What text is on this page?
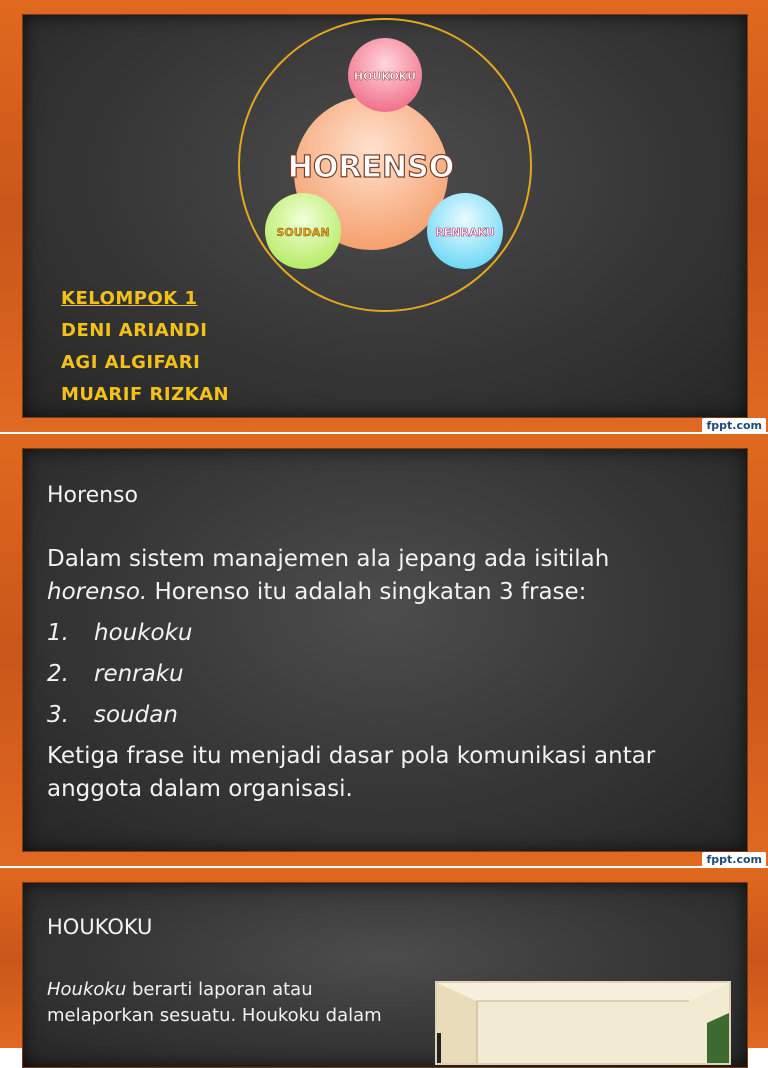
HORENSO
HOUKOKU
SOUDAN	RENRAKU
KELOMPOK 1
DENI ARIANDI
AGI ALGIFARI
MUARIF RIZKAN
fppt.com
Horenso

Dalam sistem manajemen ala jepang ada isitilah horenso. Horenso itu adalah singkatan 3 frase:

1.	houkoku
2.	renraku
3.	soudan

Ketiga frase itu menjadi dasar pola komunikasi antar anggota dalam organisasi.

fppt.com
HOUKOKU
Houkoku berarti laporan atau melaporkan sesuatu. Houkoku dalam
